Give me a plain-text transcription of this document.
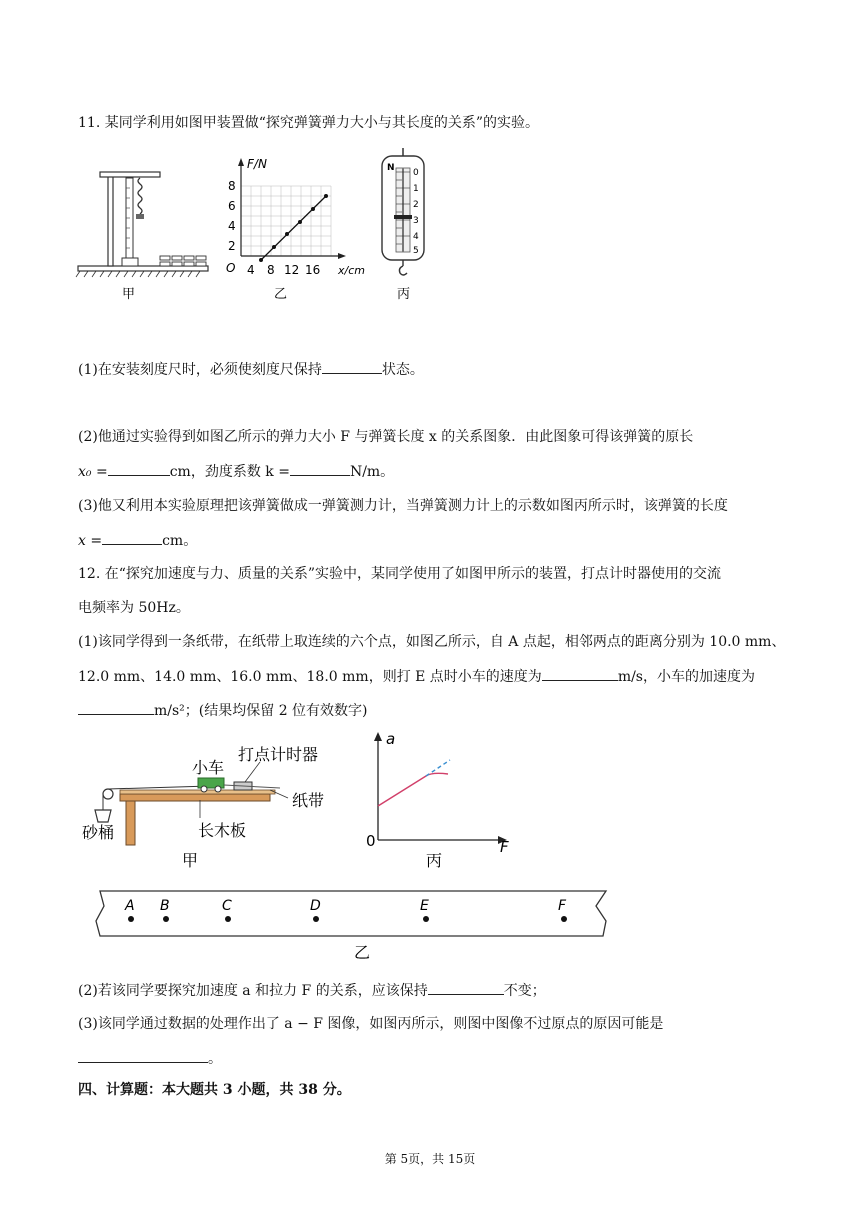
11. 某同学利用如图甲装置做“探究弹簧弹力大小与其长度的关系”的实验。
甲
F/N
x/cm
O
2
4
6
8
4 8 12 16
乙
N 0
1
2
3
4
5
丙
(1)在安装刻度尺时，必须使刻度尺保持	状态。
(2)他通过实验得到如图乙所示的弹力大小 F 与弹簧长度 x 的关系图象．由此图象可得该弹簧的原长
x₀ =	cm，劲度系数 k =	N/m。
(3)他又利用本实验原理把该弹簧做成一弹簧测力计，当弹簧测力计上的示数如图丙所示时，该弹簧的长度
x =	cm。
12. 在“探究加速度与力、质量的关系”实验中，某同学使用了如图甲所示的装置，打点计时器使用的交流
电频率为 50Hz。
(1)该同学得到一条纸带，在纸带上取连续的六个点，如图乙所示，自 A 点起，相邻两点的距离分别为 10.0 mm、
12.0 mm、14.0 mm、16.0 mm、18.0 mm，则打 E 点时小车的速度为	m/s，小车的加速度为
m/s²；(结果均保留 2 位有效数字)
打点计时器
小车
纸带
砂桶	长木板
甲
a
F
0
丙
A B	C	D	E	F
乙
(2)若该同学要探究加速度 a 和拉力 F 的关系，应该保持	不变；
(3)该同学通过数据的处理作出了 a − F 图像，如图丙所示，则图中图像不过原点的原因可能是
。
四、计算题：本大题共 3 小题，共 38 分。
第 5页，共 15页
